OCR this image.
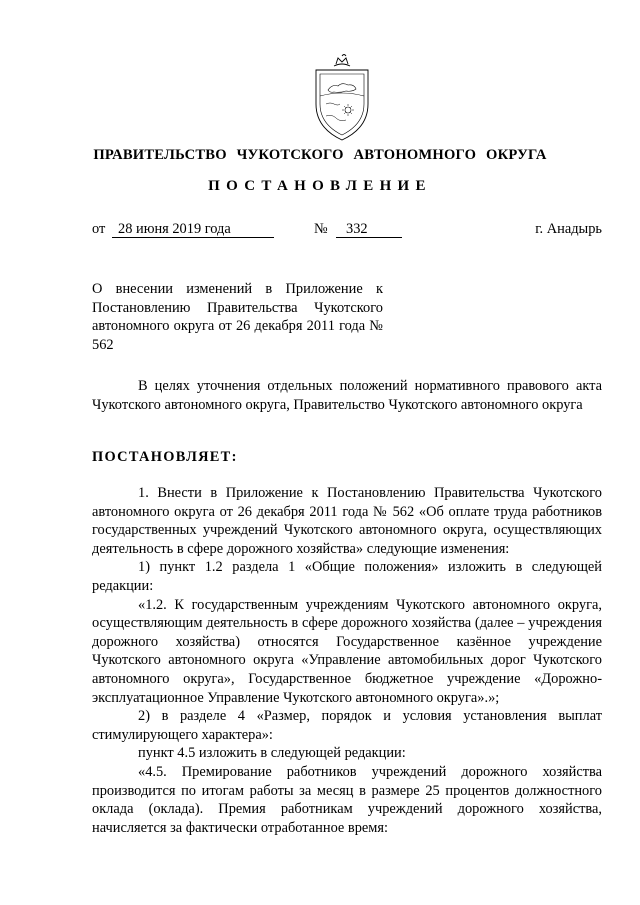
ПРАВИТЕЛЬСТВО ЧУКОТСКОГО АВТОНОМНОГО ОКРУГА
ПОСТАНОВЛЕНИЕ
от 28 июня 2019 года	№ 332	г. Анадырь
О внесении изменений в Приложение к Постановлению Правительства Чукотского автономного округа от 26 декабря 2011 года № 562
В целях уточнения отдельных положений нормативного правового акта Чукотского автономного округа, Правительство Чукотского автономного округа
ПОСТАНОВЛЯЕТ:

1. Внести в Приложение к Постановлению Правительства Чукотского автономного округа от 26 декабря 2011 года № 562 «Об оплате труда работников государственных учреждений Чукотского автономного округа, осуществляющих деятельность в сфере дорожного хозяйства» следующие изменения:

1) пункт 1.2 раздела 1 «Общие положения» изложить в следующей редакции:

«1.2. К государственным учреждениям Чукотского автономного округа, осуществляющим деятельность в сфере дорожного хозяйства (далее – учреждения дорожного хозяйства) относятся Государственное казённое учреждение Чукотского автономного округа «Управление автомобильных дорог Чукотского автономного округа», Государственное бюджетное учреждение «Дорожно-эксплуатационное Управление Чукотского автономного округа».»;

2) в разделе 4 «Размер, порядок и условия установления выплат стимулирующего характера»:

пункт 4.5 изложить в следующей редакции:

«4.5. Премирование работников учреждений дорожного хозяйства производится по итогам работы за месяц в размере 25 процентов должностного оклада (оклада). Премия работникам учреждений дорожного хозяйства, начисляется за фактически отработанное время:
